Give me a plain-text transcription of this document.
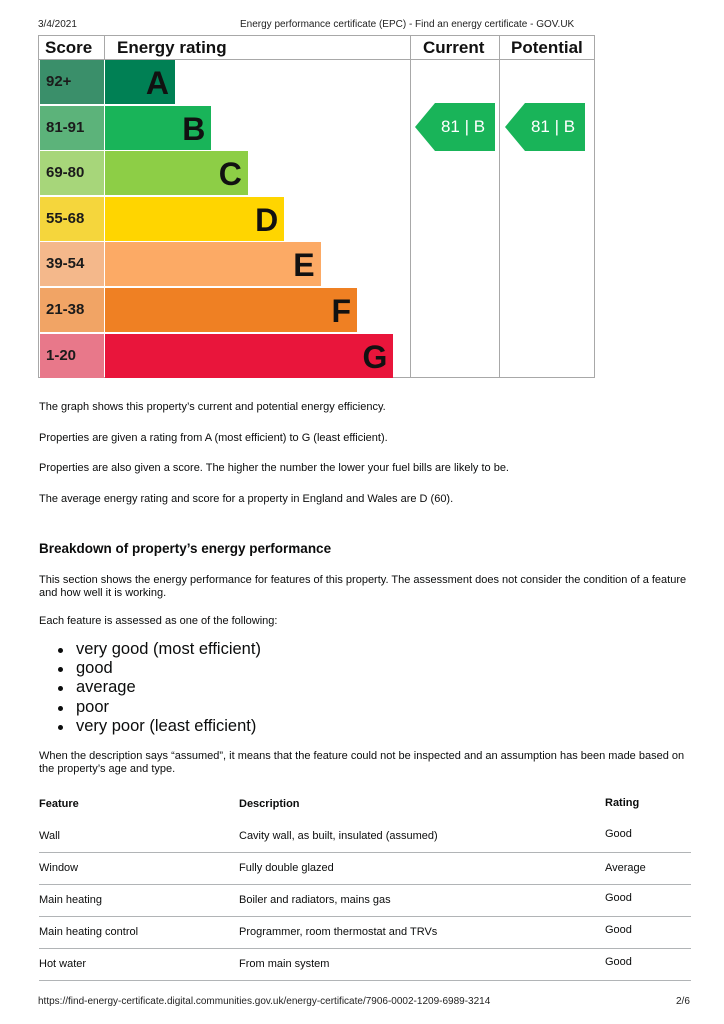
3/4/2021	Energy performance certificate (EPC) - Find an energy certificate - GOV.UK
Score Energy rating	Current Potential
92+	A
81-91	B
69-80	C
55-68	D
39-54	E
21-38	F
1-20	G
81 | B	81 | B
The graph shows this property’s current and potential energy efficiency.
Properties are given a rating from A (most efficient) to G (least efficient).
Properties are also given a score. The higher the number the lower your fuel bills are likely to be.
The average energy rating and score for a property in England and Wales are D (60).
Breakdown of property’s energy performance
This section shows the energy performance for features of this property. The assessment does not consider the condition of a feature and how well it is working.
Each feature is assessed as one of the following:
very good (most efficient)
good
average
poor
very poor (least efficient)
When the description says “assumed”, it means that the feature could not be inspected and an assumption has been made based on the property’s age and type.
Feature	Description	Rating
Wall	Cavity wall, as built, insulated (assumed)	Good
Window	Fully double glazed	Average
Main heating	Boiler and radiators, mains gas	Good
Main heating control	Programmer, room thermostat and TRVs	Good
Hot water	From main system	Good
https://find-energy-certificate.digital.communities.gov.uk/energy-certificate/7906-0002-1209-6989-3214	2/6
